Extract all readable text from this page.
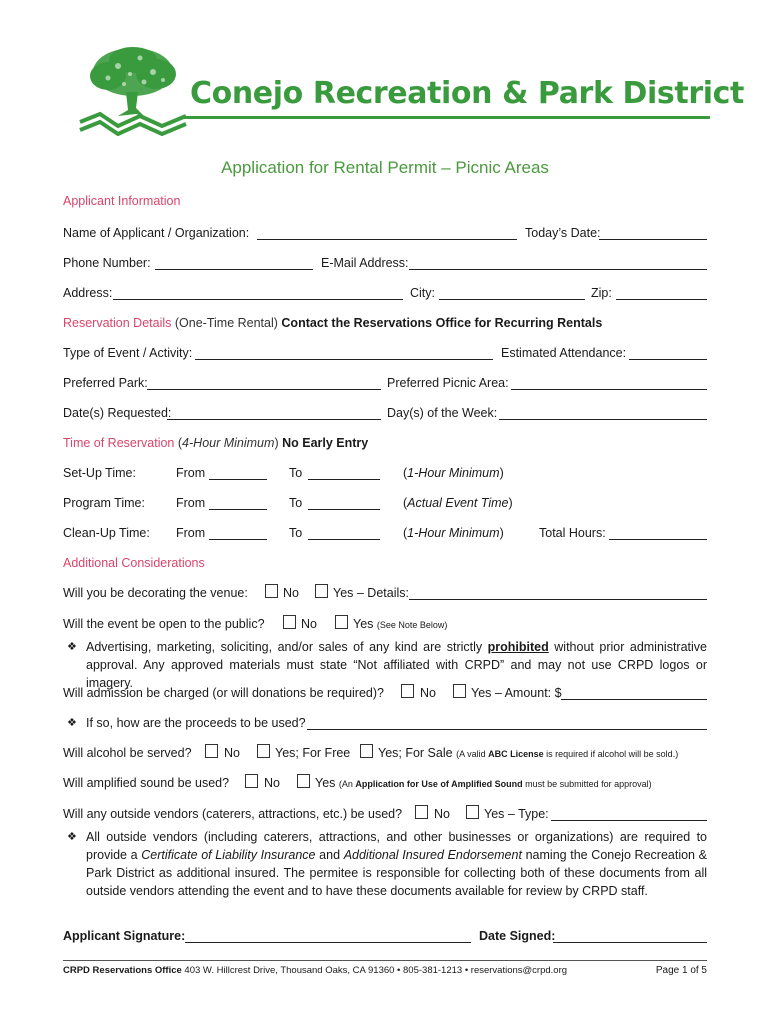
Conejo Recreation & Park District
Application for Rental Permit – Picnic Areas
Applicant Information
Name of Applicant / Organization:	Today’s Date:
Phone Number:	E-Mail Address:
Address:	City:	Zip:
Reservation Details (One-Time Rental) Contact the Reservations Office for Recurring Rentals
Type of Event / Activity:	Estimated Attendance:
Preferred Park:	Preferred Picnic Area:
Date(s) Requested:	Day(s) of the Week:
Time of Reservation (4-Hour Minimum) No Early Entry
Set-Up Time:	From	To	(1-Hour Minimum)
Program Time: From	To	(Actual Event Time)
Clean-Up Time: From	To	(1-Hour Minimum)	Total Hours:
Additional Considerations
Will you be decorating the venue:	No	Yes – Details:
Will the event be open to the public?	No	Yes (See Note Below)
❖ Advertising, marketing, soliciting, and/or sales of any kind are strictly prohibited without prior administrative approval. Any approved materials must state “Not affiliated with CRPD” and may not use CRPD logos or imagery.
Will admission be charged (or will donations be required)?	No	Yes – Amount: $
❖ If so, how are the proceeds to be used?
Will alcohol be served?	No	Yes; For Free Yes; For Sale (A valid ABC License is required if alcohol will be sold.)
Will amplified sound be used?	No	Yes (An Application for Use of Amplified Sound must be submitted for approval)
Will any outside vendors (caterers, attractions, etc.) be used?	No	Yes – Type:
❖ All outside vendors (including caterers, attractions, and other businesses or organizations) are required to provide a Certificate of Liability Insurance and Additional Insured Endorsement naming the Conejo Recreation & Park District as additional insured. The permitee is responsible for collecting both of these documents from all outside vendors attending the event and to have these documents available for review by CRPD staff.
Applicant Signature:	Date Signed:
CRPD Reservations Office 403 W. Hillcrest Drive, Thousand Oaks, CA 91360 • 805-381-1213 • reservations@crpd.org	Page 1 of 5
